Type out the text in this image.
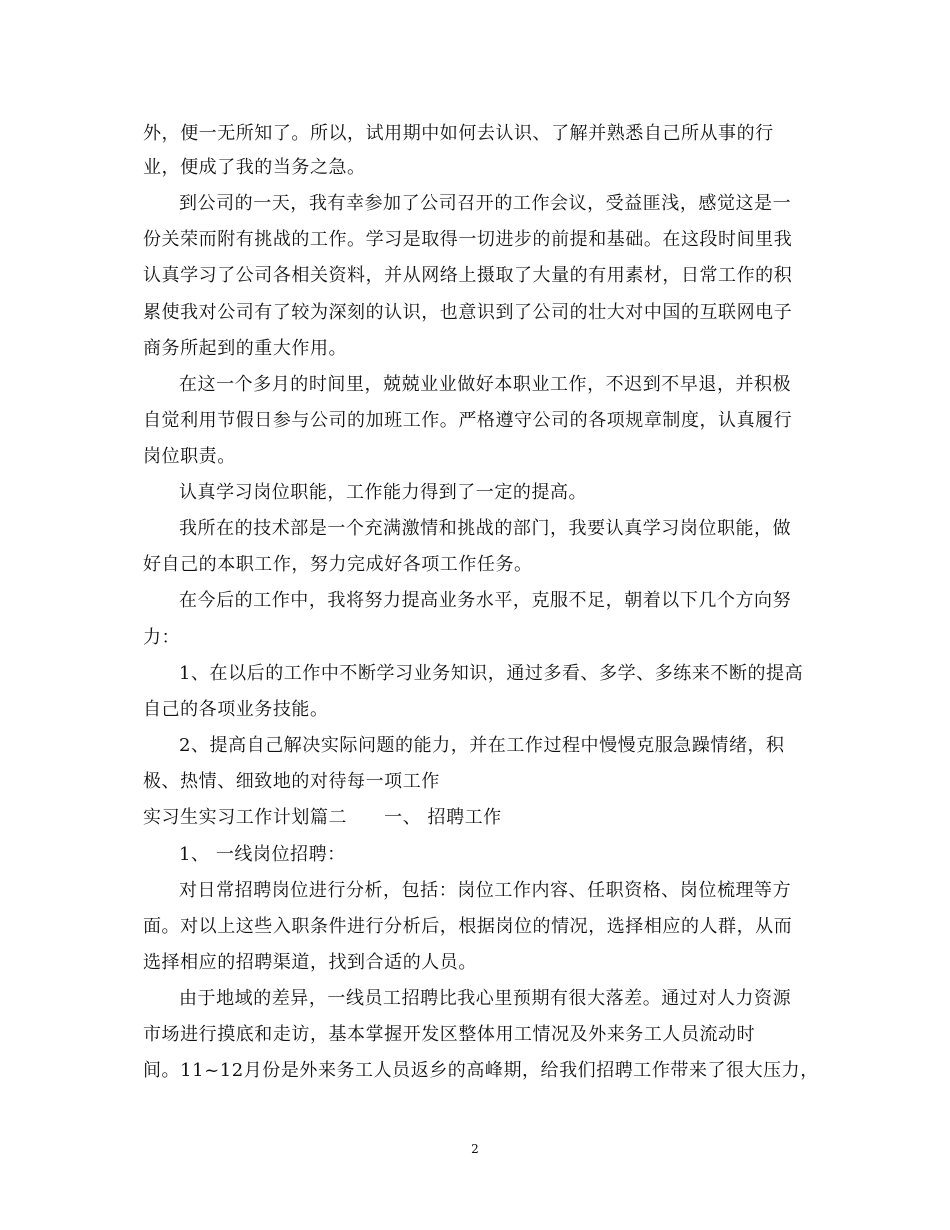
外，便一无所知了。所以，试用期中如何去认识、了解并熟悉自己所从事的行
业，便成了我的当务之急。
到公司的一天，我有幸参加了公司召开的工作会议，受益匪浅，感觉这是一
份关荣而附有挑战的工作。学习是取得一切进步的前提和基础。在这段时间里我
认真学习了公司各相关资料，并从网络上摄取了大量的有用素材，日常工作的积
累使我对公司有了较为深刻的认识，也意识到了公司的壮大对中国的互联网电子
商务所起到的重大作用。
在这一个多月的时间里，兢兢业业做好本职业工作，不迟到不早退，并积极
自觉利用节假日参与公司的加班工作。严格遵守公司的各项规章制度，认真履行
岗位职责。
认真学习岗位职能，工作能力得到了一定的提高。
我所在的技术部是一个充满激情和挑战的部门，我要认真学习岗位职能，做
好自己的本职工作，努力完成好各项工作任务。
在今后的工作中，我将努力提高业务水平，克服不足，朝着以下几个方向努
力：
1、在以后的工作中不断学习业务知识，通过多看、多学、多练来不断的提高
自己的各项业务技能。
2、提高自己解决实际问题的能力，并在工作过程中慢慢克服急躁情绪，积
极、热情、细致地的对待每一项工作
实习生实习工作计划篇二　　一、 招聘工作
1、 一线岗位招聘：
对日常招聘岗位进行分析，包括：岗位工作内容、任职资格、岗位梳理等方
面。对以上这些入职条件进行分析后，根据岗位的情况，选择相应的人群，从而
选择相应的招聘渠道，找到合适的人员。
由于地域的差异，一线员工招聘比我心里预期有很大落差。通过对人力资源
市场进行摸底和走访，基本掌握开发区整体用工情况及外来务工人员流动时
间。11~12月份是外来务工人员返乡的高峰期，给我们招聘工作带来了很大压力，
2
